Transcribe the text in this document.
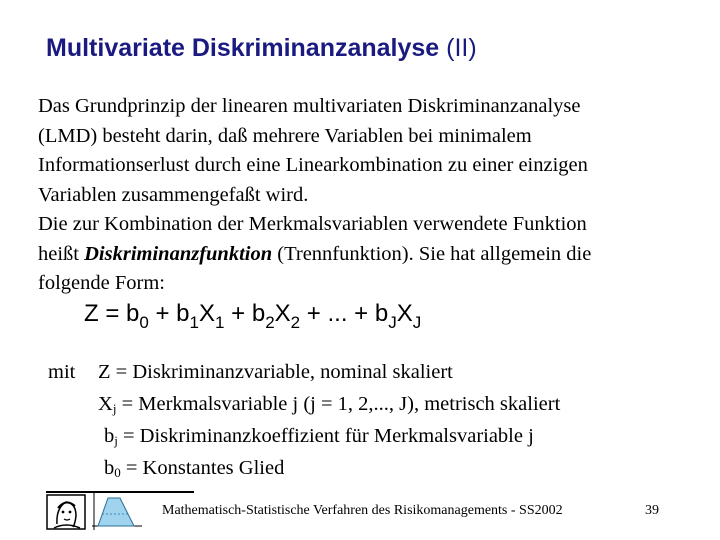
Multivariate Diskriminanzanalyse (II)
Das Grundprinzip der linearen multivariaten Diskriminanzanalyse
(LMD) besteht darin, daß mehrere Variablen bei minimalem
Informationserlust durch eine Linearkombination zu einer einzigen
Variablen zusammengefaßt wird.
Die zur Kombination der Merkmalsvariablen verwendete Funktion
heißt Diskriminanzfunktion (Trennfunktion). Sie hat allgemein die
folgende Form:
$Z = b_0 + b_1X_1 + b_2X_2$ + ... + $b_JX_J$
mit Z = Diskriminanzvariable, nominal skaliert
$X_j$ = Merkmalsvariable j (j = 1, 2,..., J), metrisch skaliert
$b_j$ = Diskriminanzkoeffizient für Merkmalsvariable j
$b_0$ = Konstantes Glied
Mathematisch-Statistische Verfahren des Risikomanagements - SS2002	39
